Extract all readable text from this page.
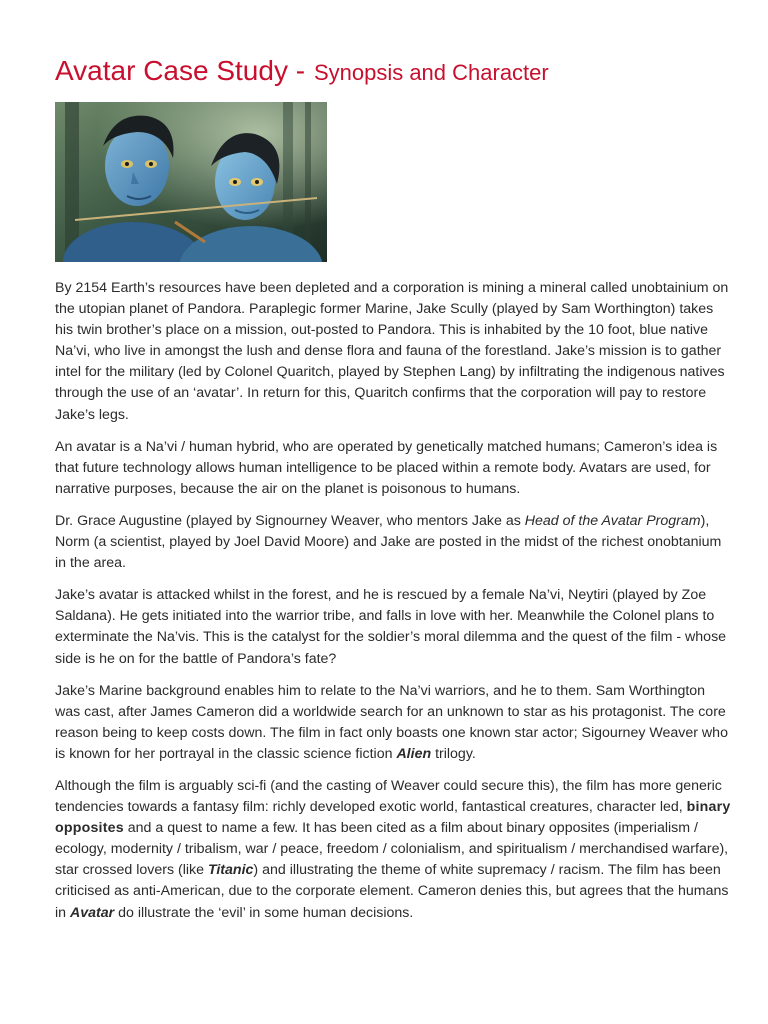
Avatar Case Study - Synopsis and Character

By 2154 Earth’s resources have been depleted and a corporation is mining a mineral called unobtainium on the utopian planet of Pandora. Paraplegic former Marine, Jake Scully (played by Sam Worthington) takes his twin brother’s place on a mission, out-posted to Pandora. This is inhabited by the 10 foot, blue native Na’vi, who live in amongst the lush and dense flora and fauna of the forestland. Jake’s mission is to gather intel for the military (led by Colonel Quaritch, played by Stephen Lang) by infiltrating the indigenous natives through the use of an ‘avatar’. In return for this, Quaritch confirms that the corporation will pay to restore Jake’s legs.

An avatar is a Na’vi / human hybrid, who are operated by genetically matched humans; Cameron’s idea is that future technology allows human intelligence to be placed within a remote body. Avatars are used, for narrative purposes, because the air on the planet is poisonous to humans.

Dr. Grace Augustine (played by Signourney Weaver, who mentors Jake as Head of the Avatar Program), Norm (a scientist, played by Joel David Moore) and Jake are posted in the midst of the richest onobtanium in the area.

Jake’s avatar is attacked whilst in the forest, and he is rescued by a female Na’vi, Neytiri (played by Zoe Saldana). He gets initiated into the warrior tribe, and falls in love with her. Meanwhile the Colonel plans to exterminate the Na’vis. This is the catalyst for the soldier’s moral dilemma and the quest of the film - whose side is he on for the battle of Pandora’s fate?

Jake’s Marine background enables him to relate to the Na’vi warriors, and he to them. Sam Worthington was cast, after James Cameron did a worldwide search for an unknown to star as his protagonist. The core reason being to keep costs down. The film in fact only boasts one known star actor; Sigourney Weaver who is known for her portrayal in the classic science fiction Alien trilogy.

Although the film is arguably sci-fi (and the casting of Weaver could secure this), the film has more generic tendencies towards a fantasy film: richly developed exotic world, fantastical creatures, character led, binary opposites and a quest to name a few. It has been cited as a film about binary opposites (imperialism / ecology, modernity / tribalism, war / peace, freedom / colonialism, and spiritualism / merchandised warfare), star crossed lovers (like Titanic) and illustrating the theme of white supremacy / racism. The film has been criticised as anti-American, due to the corporate element. Cameron denies this, but agrees that the humans in Avatar do illustrate the ‘evil’ in some human decisions.
